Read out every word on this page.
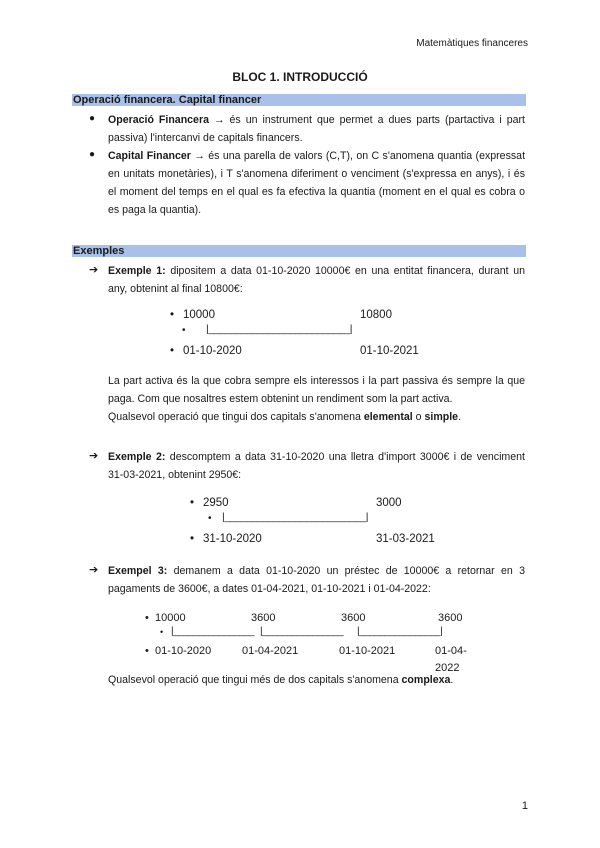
Matemàtiques financeres
BLOC 1. INTRODUCCIÓ
Operació financera. Capital financer
● Operació Financera → és un instrument que permet a dues parts (partactiva i part passiva) l'intercanvi de capitals financers.
● Capital Financer → és una parella de valors (C,T), on C s'anomena quantia (expressat en unitats monetàries), i T s'anomena diferiment o venciment (s'expressa en anys), i és el moment del temps en el qual es fa efectiva la quantia (moment en el qual es cobra o es paga la quantia).
Exemples
➔ Exemple 1: dipositem a data 01-10-2020 10000€ en una entitat financera, durant un any, obtenint al final 10800€:
• 10000	10800
• |__________________________|
• 01-10-2020	01-10-2021
La part activa és la que cobra sempre els interessos i la part passiva és sempre la que paga. Com que nosaltres estem obtenint un rendiment som la part activa.
Qualsevol operació que tingui dos capitals s'anomena elemental o simple.
➔ Exemple 2: descomptem a data 31-10-2020 una lletra d'import 3000€ i de venciment 31-03-2021, obtenint 2950€:
• 2950	3000
• |__________________________|
• 31-10-2020	31-03-2021
➔ Exempel 3: demanem a data 01-10-2020 un préstec de 10000€ a retornar en 3 pagaments de 3600€, a dates 01-04-2021, 01-10-2021 i 01-04-2022:
• 10000	3600	3600	3600
• |________________ |________________ |________________|
• 01-10-2020	01-04-2021	01-10-2021	01-04-2022
Qualsevol operació que tingui més de dos capitals s'anomena complexa.
1
